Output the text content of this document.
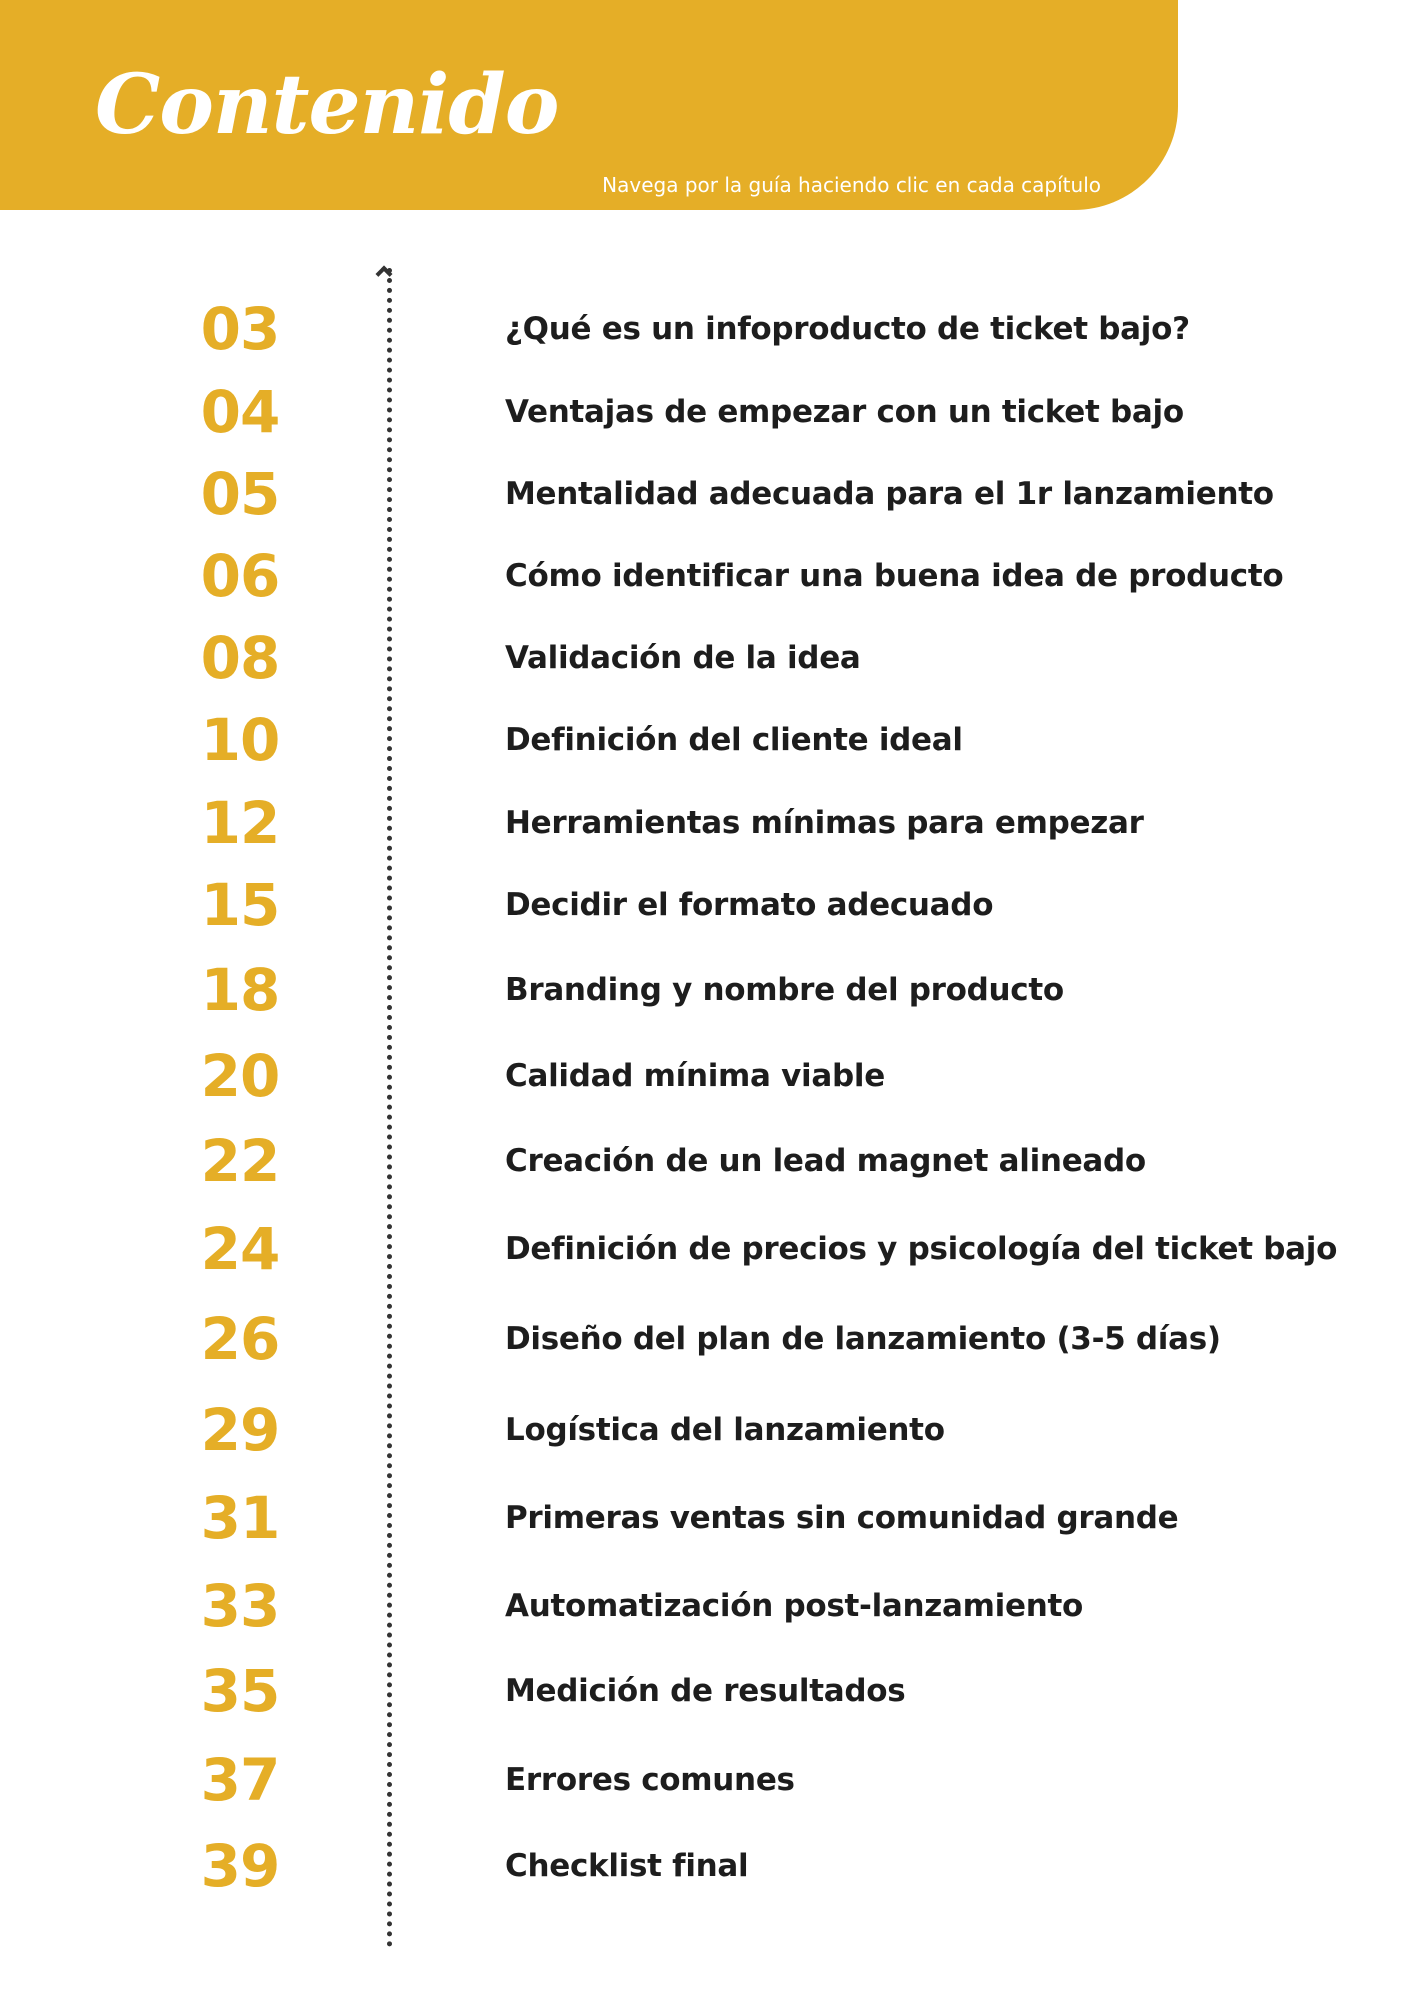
Contenido
Navega por la guía haciendo clic en cada capítulo
03	¿Qué es un infoproducto de ticket bajo?
04	Ventajas de empezar con un ticket bajo
05	Mentalidad adecuada para el 1r lanzamiento
06	Cómo identificar una buena idea de producto
08	Validación de la idea
10	Definición del cliente ideal
12	Herramientas mínimas para empezar
15	Decidir el formato adecuado
18	Branding y nombre del producto
20	Calidad mínima viable
22	Creación de un lead magnet alineado
24	Definición de precios y psicología del ticket bajo
26	Diseño del plan de lanzamiento (3-5 días)
29	Logística del lanzamiento
31	Primeras ventas sin comunidad grande
33	Automatización post-lanzamiento
35	Medición de resultados
37	Errores comunes
39	Checklist final
